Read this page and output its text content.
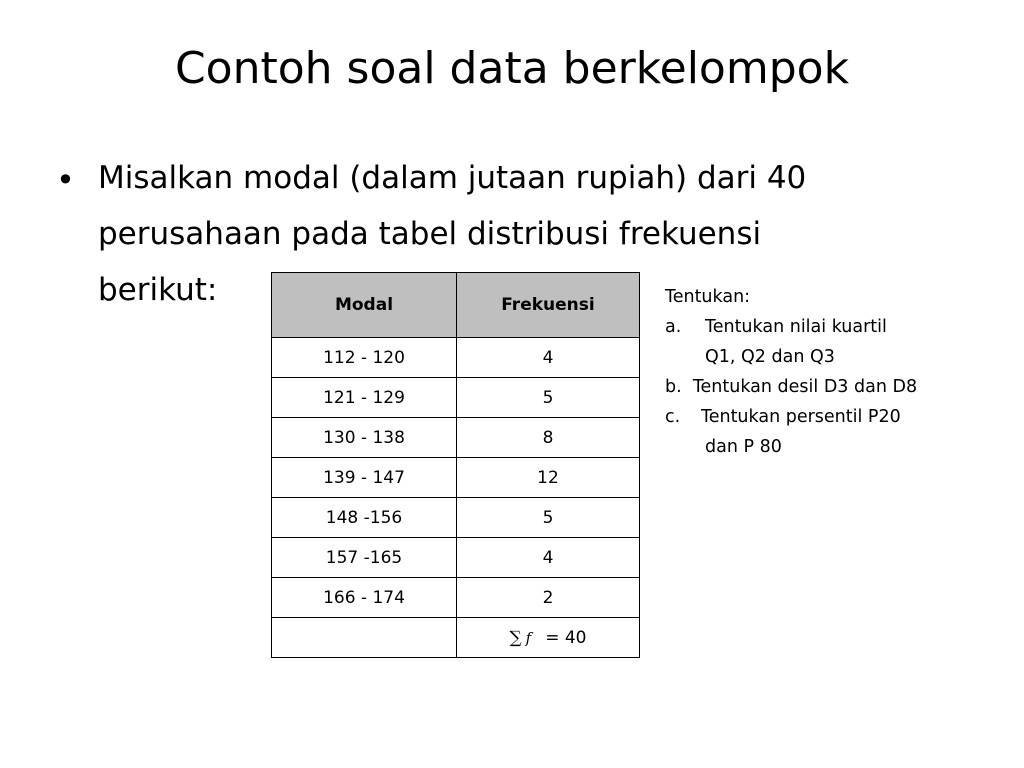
Contoh soal data berkelompok
• Misalkan modal (dalam jutaan rupiah) dari 40
perusahaan pada tabel distribusi frekuensi
berikut:	Modal	Frekuensi
112 - 120	4
121 - 129	5
130 - 138	8
139 - 147	12
148 -156	5
157 -165	4
166 - 174	2
	∑ f = 40
Tentukan:
a. Tentukan nilai kuartil
Q1, Q2 dan Q3
b. Tentukan desil D3 dan D8
c. Tentukan persentil P20
dan P 80
